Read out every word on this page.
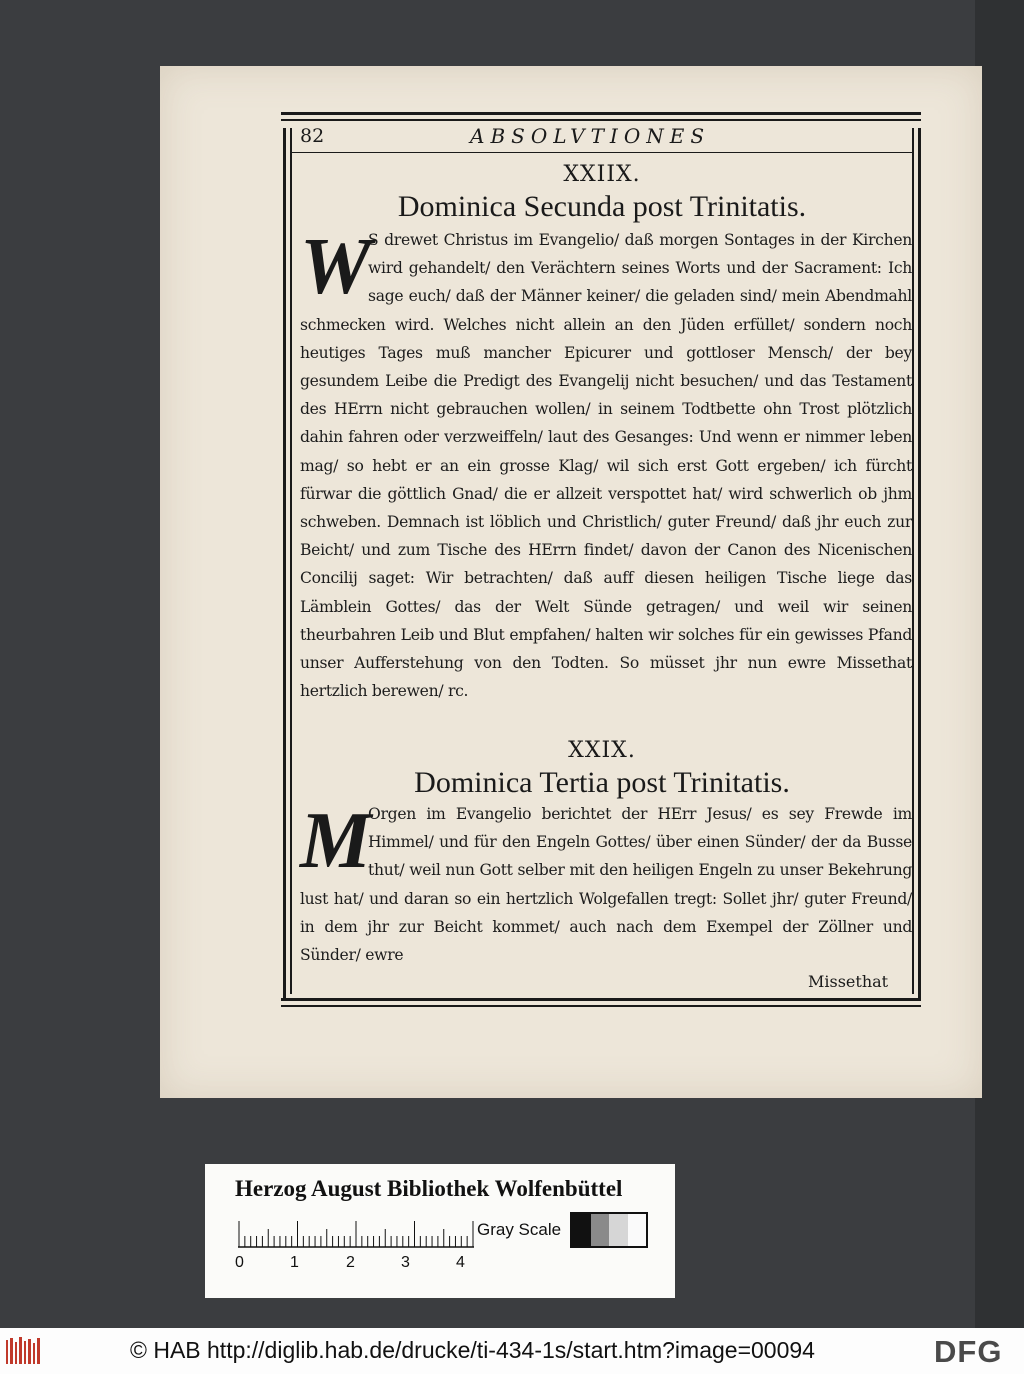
82	ABSOLVTIONES

XXIIX.

Dominica Secunda post Trinitatis.

W
S drewet Christus im Evangelio/ daß morgen Sontages in der Kirchen wird gehandelt/ den Verächtern seines Worts und der Sacrament: Ich sage euch/ daß der Männer keiner/ die geladen sind/ mein Abendmahl schmecken wird. Welches nicht allein an den Jüden erfüllet/ sondern noch heutiges Tages muß mancher Epicurer und gottloser Mensch/ der bey gesundem Leibe die Predigt des Evangelij nicht besuchen/ und das Testament des HErrn nicht gebrauchen wollen/ in seinem Todtbette ohn Trost plötzlich dahin fahren oder verzweiffeln/ laut des Gesanges: Und wenn er nimmer leben mag/ so hebt er an ein grosse Klag/ wil sich erst Gott ergeben/ ich fürcht fürwar die göttlich Gnad/ die er allzeit verspottet hat/ wird schwerlich ob jhm schweben. Demnach ist löblich und Christlich/ guter Freund/ daß jhr euch zur Beicht/ und zum Tische des HErrn findet/ davon der Canon des Nicenischen Concilij saget: Wir betrachten/ daß auff diesen heiligen Tische liege das Lämblein Gottes/ das der Welt Sünde getragen/ und weil wir seinen theurbahren Leib und Blut empfahen/ halten wir solches für ein gewisses Pfand unser Aufferstehung von den Todten. So müsset jhr nun ewre Missethat hertzlich berewen/ rc.

XXIX.

Dominica Tertia post Trinitatis.

M
Orgen im Evangelio berichtet der HErr Jesus/ es sey Frewde im Himmel/ und für den Engeln Gottes/ über einen Sünder/ der da Busse thut/ weil nun Gott selber mit den heiligen Engeln zu unser Bekehrung lust hat/ und daran so ein hertzlich Wolgefallen tregt: Sollet jhr/ guter Freund/ in dem jhr zur Beicht kommet/ auch nach dem Exempel der Zöllner und Sünder/ ewre

Missethat

Herzog August Bibliothek Wolfenbüttel

0	1	2	3	4

Gray Scale

© HAB http://diglib.hab.de/drucke/ti-434-1s/start.htm?image=00094	DFG
